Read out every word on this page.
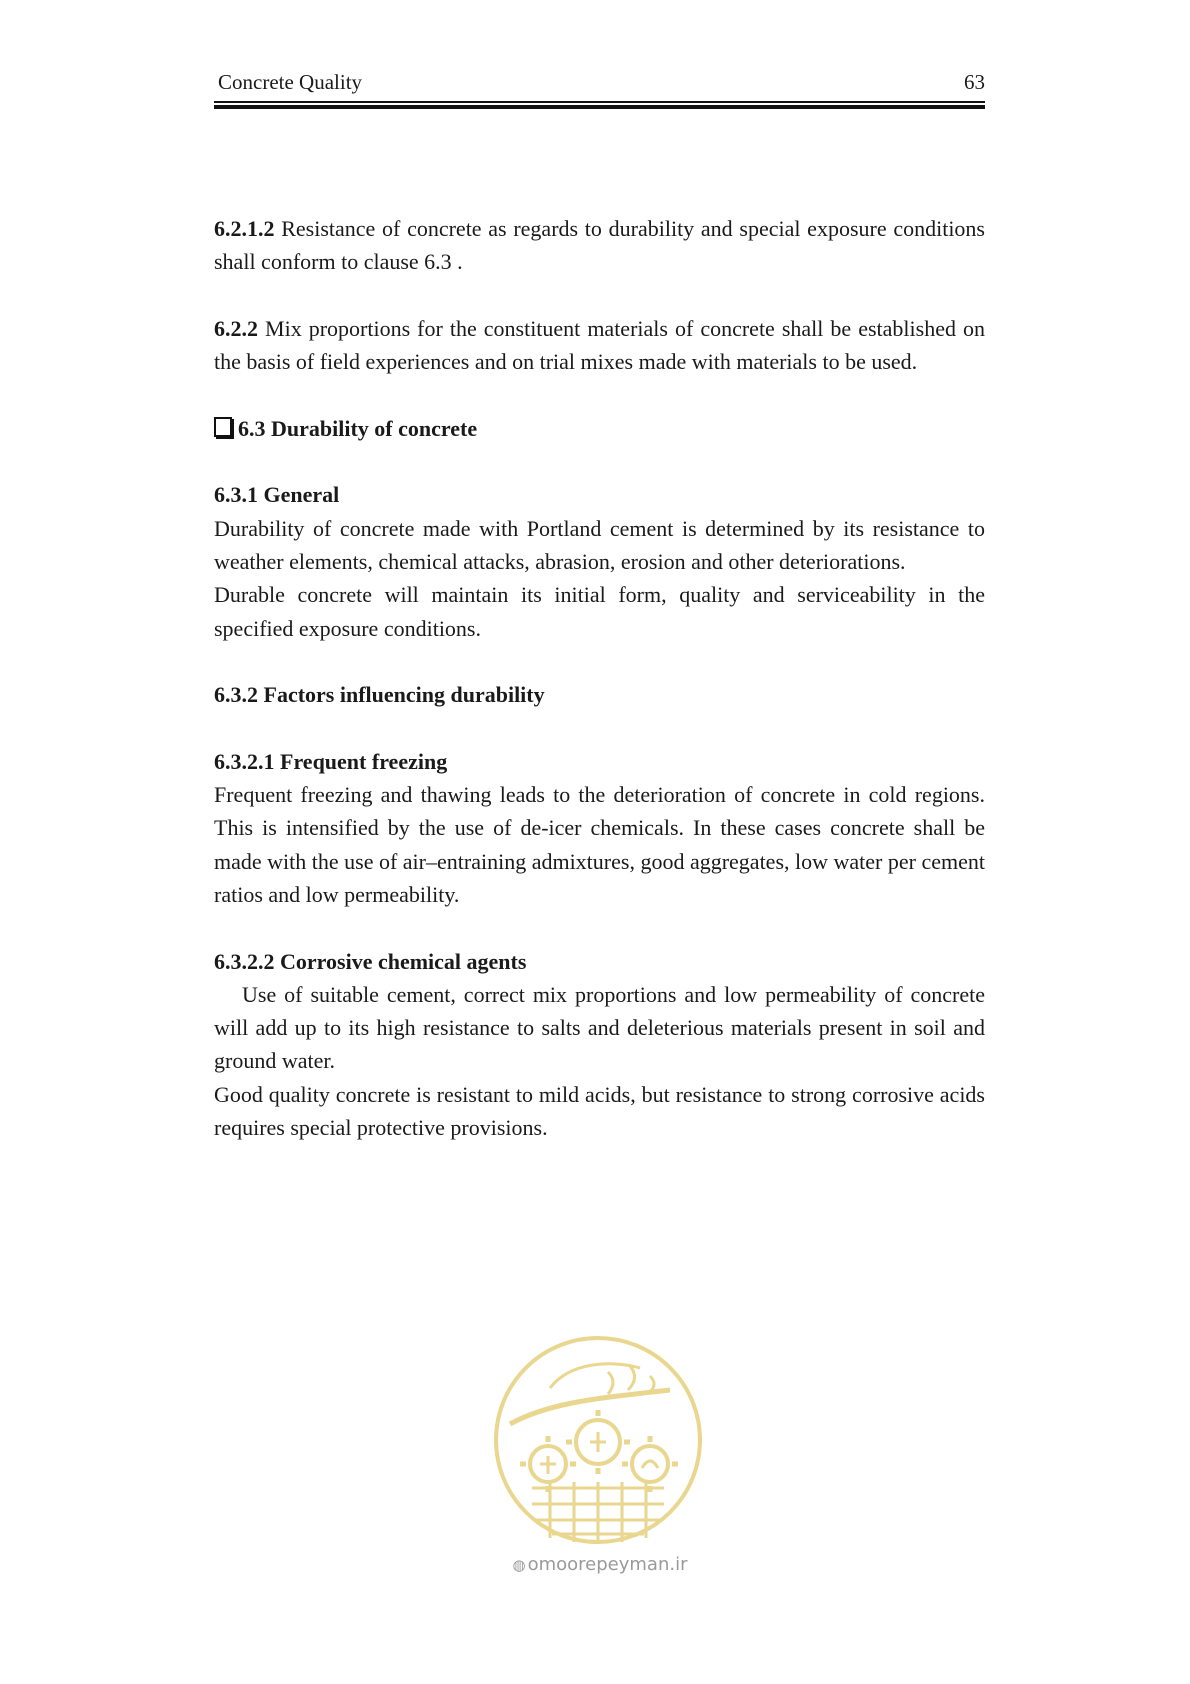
Concrete Quality	63

6.2.1.2 Resistance of concrete as regards to durability and special exposure conditions shall conform to clause 6.3 .

6.2.2 Mix proportions for the constituent materials of concrete shall be established on the basis of field experiences and on trial mixes made with materials to be used.

6.3 Durability of concrete

6.3.1 General

Durability of concrete made with Portland cement is determined by its resistance to weather elements, chemical attacks, abrasion, erosion and other deteriorations.

Durable concrete will maintain its initial form, quality and serviceability in the specified exposure conditions.

6.3.2 Factors influencing durability

6.3.2.1 Frequent freezing

Frequent freezing and thawing leads to the deterioration of concrete in cold regions. This is intensified by the use of de-icer chemicals. In these cases concrete shall be made with the use of air–entraining admixtures, good aggregates, low water per cement ratios and low permeability.

6.3.2.2 Corrosive chemical agents

Use of suitable cement, correct mix proportions and low permeability of concrete will add up to its high resistance to salts and deleterious materials present in soil and ground water.

Good quality concrete is resistant to mild acids, but resistance to strong corrosive acids requires special protective provisions.

◍ omoorepeyman.ir
